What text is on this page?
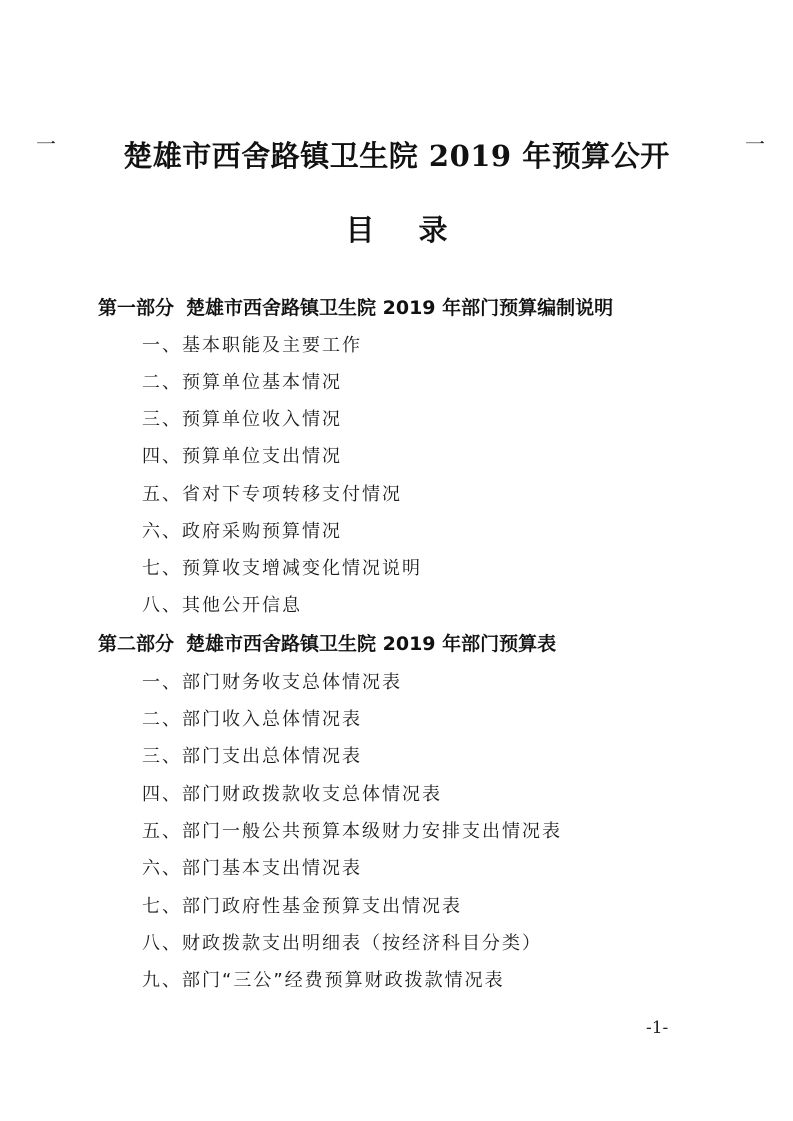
一	一
楚雄市西舍路镇卫生院 2019 年预算公开
目 录
第一部分 楚雄市西舍路镇卫生院 2019 年部门预算编制说明
一、基本职能及主要工作
二、预算单位基本情况
三、预算单位收入情况
四、预算单位支出情况
五、省对下专项转移支付情况
六、政府采购预算情况
七、预算收支增减变化情况说明
八、其他公开信息
第二部分 楚雄市西舍路镇卫生院 2019 年部门预算表
一、部门财务收支总体情况表
二、部门收入总体情况表
三、部门支出总体情况表
四、部门财政拨款收支总体情况表
五、部门一般公共预算本级财力安排支出情况表
六、部门基本支出情况表
七、部门政府性基金预算支出情况表
八、财政拨款支出明细表（按经济科目分类）
九、部门“三公”经费预算财政拨款情况表
-1-
